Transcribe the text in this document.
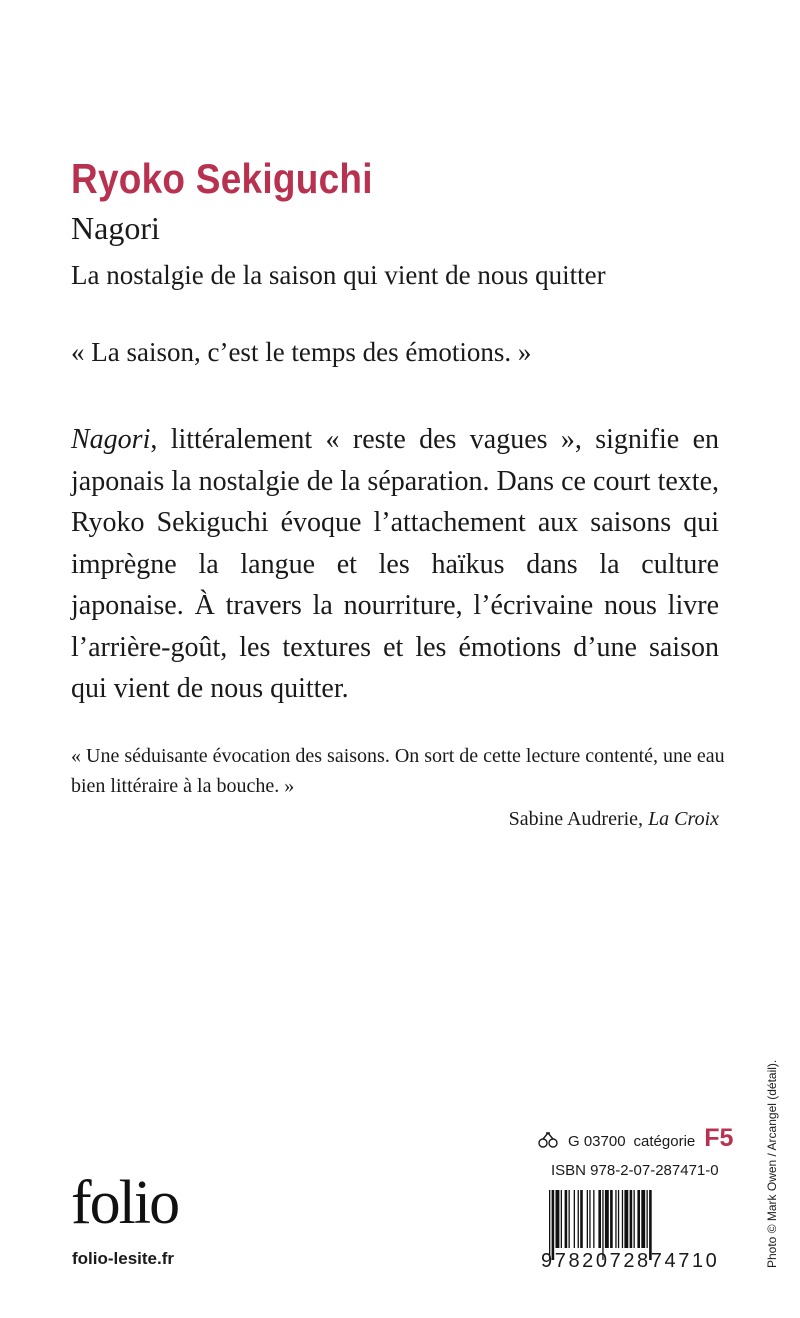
Ryoko Sekiguchi
Nagori
La nostalgie de la saison qui vient de nous quitter
« La saison, c’est le temps des émotions. »

Nagori, littéralement « reste des vagues », signifie en japonais la nostalgie de la séparation. Dans ce court texte, Ryoko Sekiguchi évoque l’attachement aux saisons qui imprègne la langue et les haïkus dans la culture japonaise. À travers la nourriture, l’écrivaine nous livre l’arrière-goût, les textures et les émotions d’une saison qui vient de nous quitter.

« Une séduisante évocation des saisons. On sort de cette lecture contenté, une eau bien littéraire à la bouche. »

Sabine Audrerie, La Croix
G 03700 catégorie F5
ISBN 978-2-07-287471-0
9782072874710
folio
folio-lesite.fr	Photo © Mark Owen / Arcangel (détail).
